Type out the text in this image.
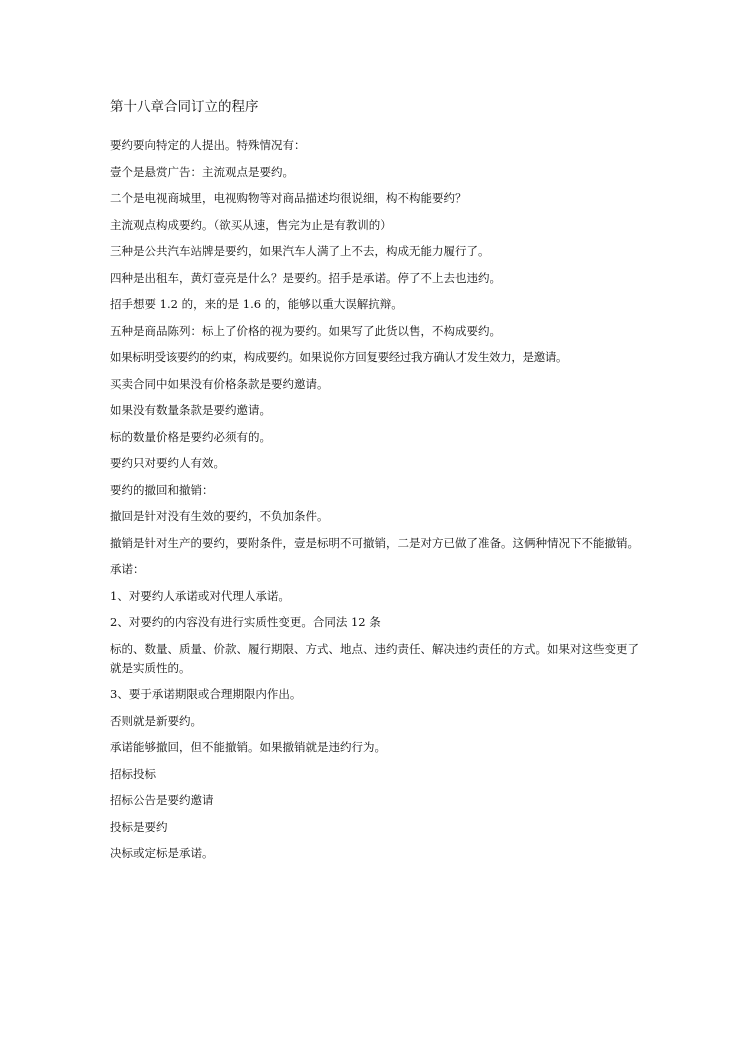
第十八章合同订立的程序

要约要向特定的人提出。特殊情况有：

壹个是悬赏广告：主流观点是要约。

二个是电视商城里，电视购物等对商品描述均很说细，构不构能要约？

主流观点构成要约。（欲买从速，售完为止是有教训的）

三种是公共汽车站牌是要约，如果汽车人满了上不去，构成无能力履行了。

四种是出租车，黄灯壹亮是什么？是要约。招手是承诺。停了不上去也违约。

招手想要 1.2 的，来的是 1.6 的，能够以重大误解抗辩。

五种是商品陈列：标上了价格的视为要约。如果写了此货以售，不构成要约。

如果标明受该要约的约束，构成要约。如果说你方回复要经过我方确认才发生效力，是邀请。

买卖合同中如果没有价格条款是要约邀请。

如果没有数量条款是要约邀请。

标的数量价格是要约必须有的。

要约只对要约人有效。

要约的撤回和撤销：

撤回是针对没有生效的要约，不负加条件。

撤销是针对生产的要约，要附条件，壹是标明不可撤销，二是对方已做了准备。这俩种情况下不能撤销。

承诺：

1、对要约人承诺或对代理人承诺。

2、对要约的内容没有进行实质性变更。合同法 12 条

标的、数量、质量、价款、履行期限、方式、地点、违约责任、解决违约责任的方式。如果对这些变更了就是实质性的。

3、要于承诺期限或合理期限内作出。

否则就是新要约。

承诺能够撤回，但不能撤销。如果撤销就是违约行为。

招标投标

招标公告是要约邀请

投标是要约

决标或定标是承诺。
